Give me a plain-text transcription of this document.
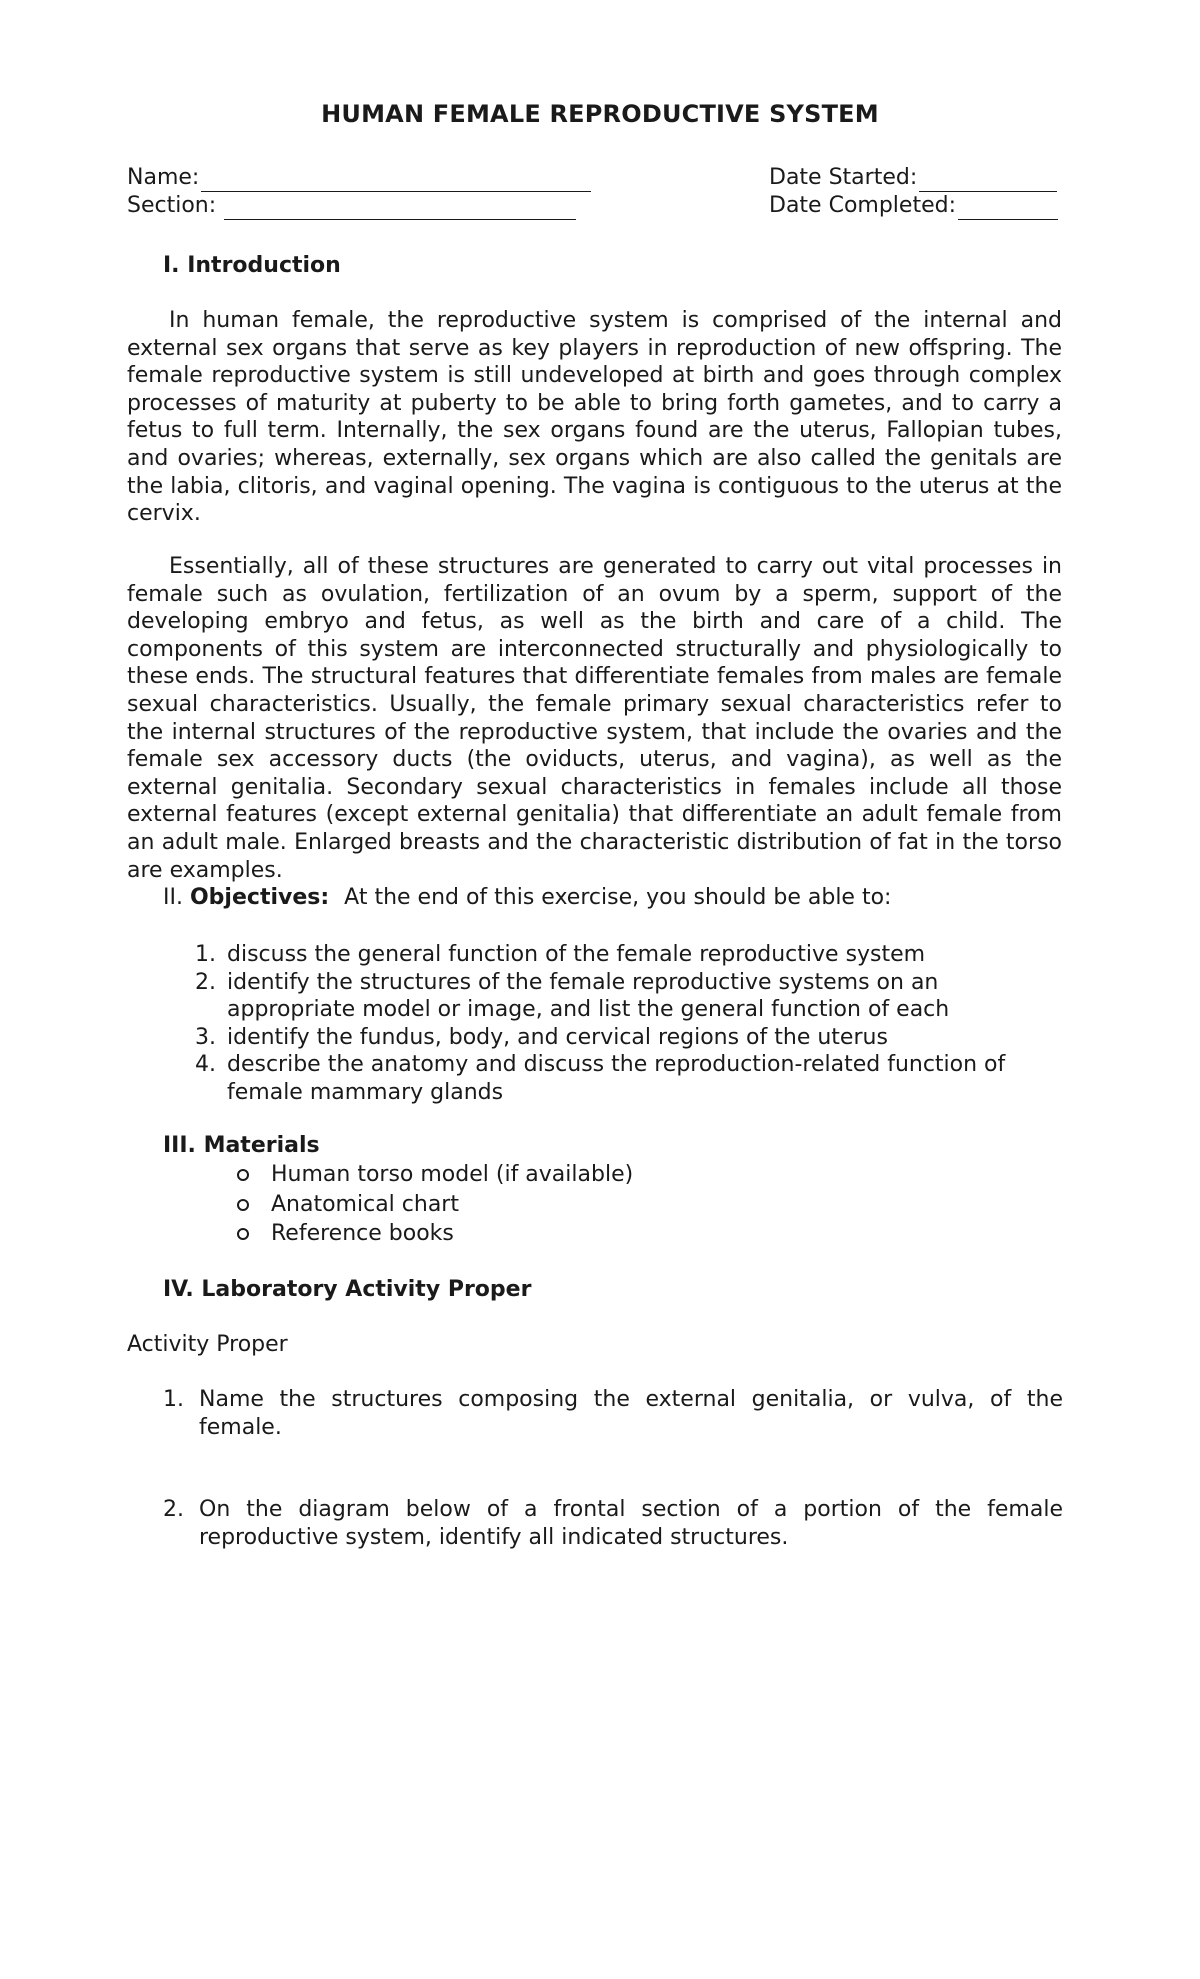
HUMAN FEMALE REPRODUCTIVE SYSTEM
Name:
Section:
Date Started:
Date Completed:
I. Introduction

In human female, the reproductive system is comprised of the internal and external sex organs that serve as key players in reproduction of new offspring. The female reproductive system is still undeveloped at birth and goes through complex processes of maturity at puberty to be able to bring forth gametes, and to carry a fetus to full term. Internally, the sex organs found are the uterus, Fallopian tubes, and ovaries; whereas, externally, sex organs which are also called the genitals are the labia, clitoris, and vaginal opening. The vagina is contiguous to the uterus at the cervix.

Essentially, all of these structures are generated to carry out vital processes in female such as ovulation, fertilization of an ovum by a sperm, support of the developing embryo and fetus, as well as the birth and care of a child. The components of this system are interconnected structurally and physiologically to these ends. The structural features that differentiate females from males are female sexual characteristics. Usually, the female primary sexual characteristics refer to the internal structures of the reproductive system, that include the ovaries and the female sex accessory ducts (the oviducts, uterus, and vagina), as well as the external genitalia. Secondary sexual characteristics in females include all those external features (except external genitalia) that differentiate an adult female from an adult male. Enlarged breasts and the characteristic distribution of fat in the torso are examples.

II. Objectives: At the end of this exercise, you should be able to:
1. discuss the general function of the female reproductive system
2. identify the structures of the female reproductive systems on an appropriate model or image, and list the general function of each
3. identify the fundus, body, and cervical regions of the uterus
4. describe the anatomy and discuss the reproduction-related function of female mammary glands
III. Materials
Human torso model (if available)
Anatomical chart
Reference books
IV. Laboratory Activity Proper
Activity Proper
1. Name the structures composing the external genitalia, or vulva, of the female.
2. On the diagram below of a frontal section of a portion of the female reproductive system, identify all indicated structures.
